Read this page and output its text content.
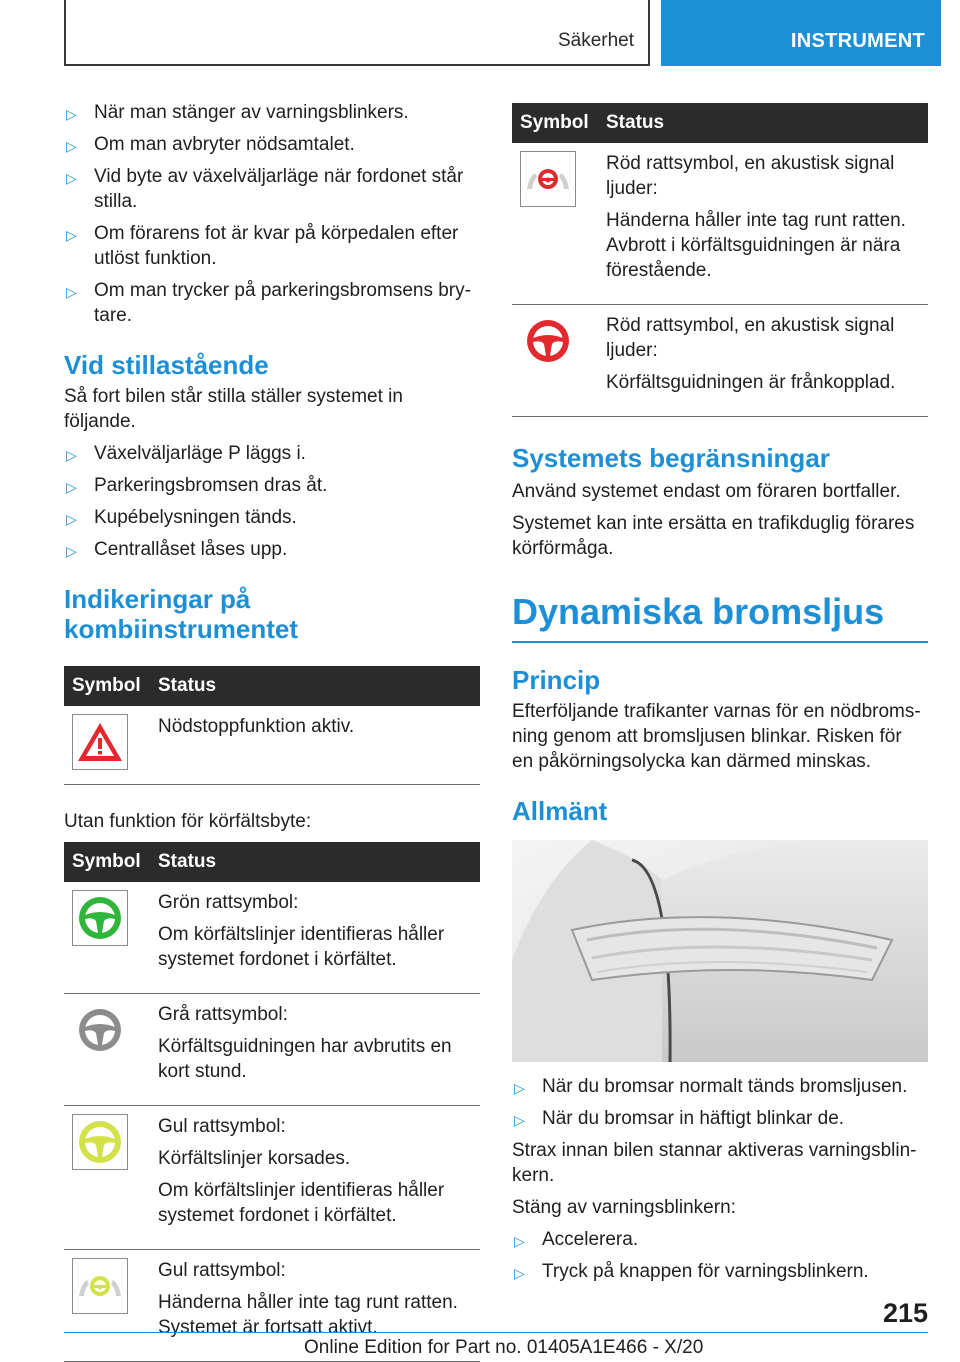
Säkerhet	INSTRUMENT
▷ När man stänger av varningsblinkers.
▷ Om man avbryter nödsamtalet.
▷ Vid byte av växelväljarläge när fordonet står stilla.
▷ Om förarens fot är kvar på körpedalen efter utlöst funktion.
▷ Om man trycker på parkeringsbromsens brytare.
Vid stillastående
Så fort bilen står stilla ställer systemet in följande.
▷ Växelväljarläge P läggs i.
▷ Parkeringsbromsen dras åt.
▷ Kupébelysningen tänds.
▷ Centrallåset låses upp.
Indikeringar på
kombiinstrumentet
Symbol	Status

Nödstoppfunktion aktiv.
Utan funktion för körfältsbyte:
Symbol	Status

Grön rattsymbol:
Om körfältslinjer identifieras håller systemet fordonet i körfältet.

Grå rattsymbol:
Körfältsguidningen har avbrutits en kort stund.

Gul rattsymbol:
Körfältslinjer korsades.
Om körfältslinjer identifieras håller systemet fordonet i körfältet.

Gul rattsymbol:
Händerna håller inte tag runt ratten. Systemet är fortsatt aktivt.
Symbol	Status

Röd rattsymbol, en akustisk signal ljuder:
Händerna håller inte tag runt ratten. Avbrott i körfältsguidningen är nära förestående.

Röd rattsymbol, en akustisk signal ljuder:
Körfältsguidningen är frånkopplad.
Systemets begränsningar
Använd systemet endast om föraren bortfaller.
Systemet kan inte ersätta en trafikduglig förares körförmåga.
Dynamiska bromsljus
Princip
Efterföljande trafikanter varnas för en nödbromsning genom att bromsljusen blinkar. Risken för en påkörningsolycka kan därmed minskas.
Allmänt
▷ När du bromsar normalt tänds bromsljusen.
▷ När du bromsar in häftigt blinkar de.
Strax innan bilen stannar aktiveras varningsblinkern.
Stäng av varningsblinkern:
▷ Accelerera.
▷ Tryck på knappen för varningsblinkern.
215
Online Edition for Part no. 01405A1E466 - X/20
